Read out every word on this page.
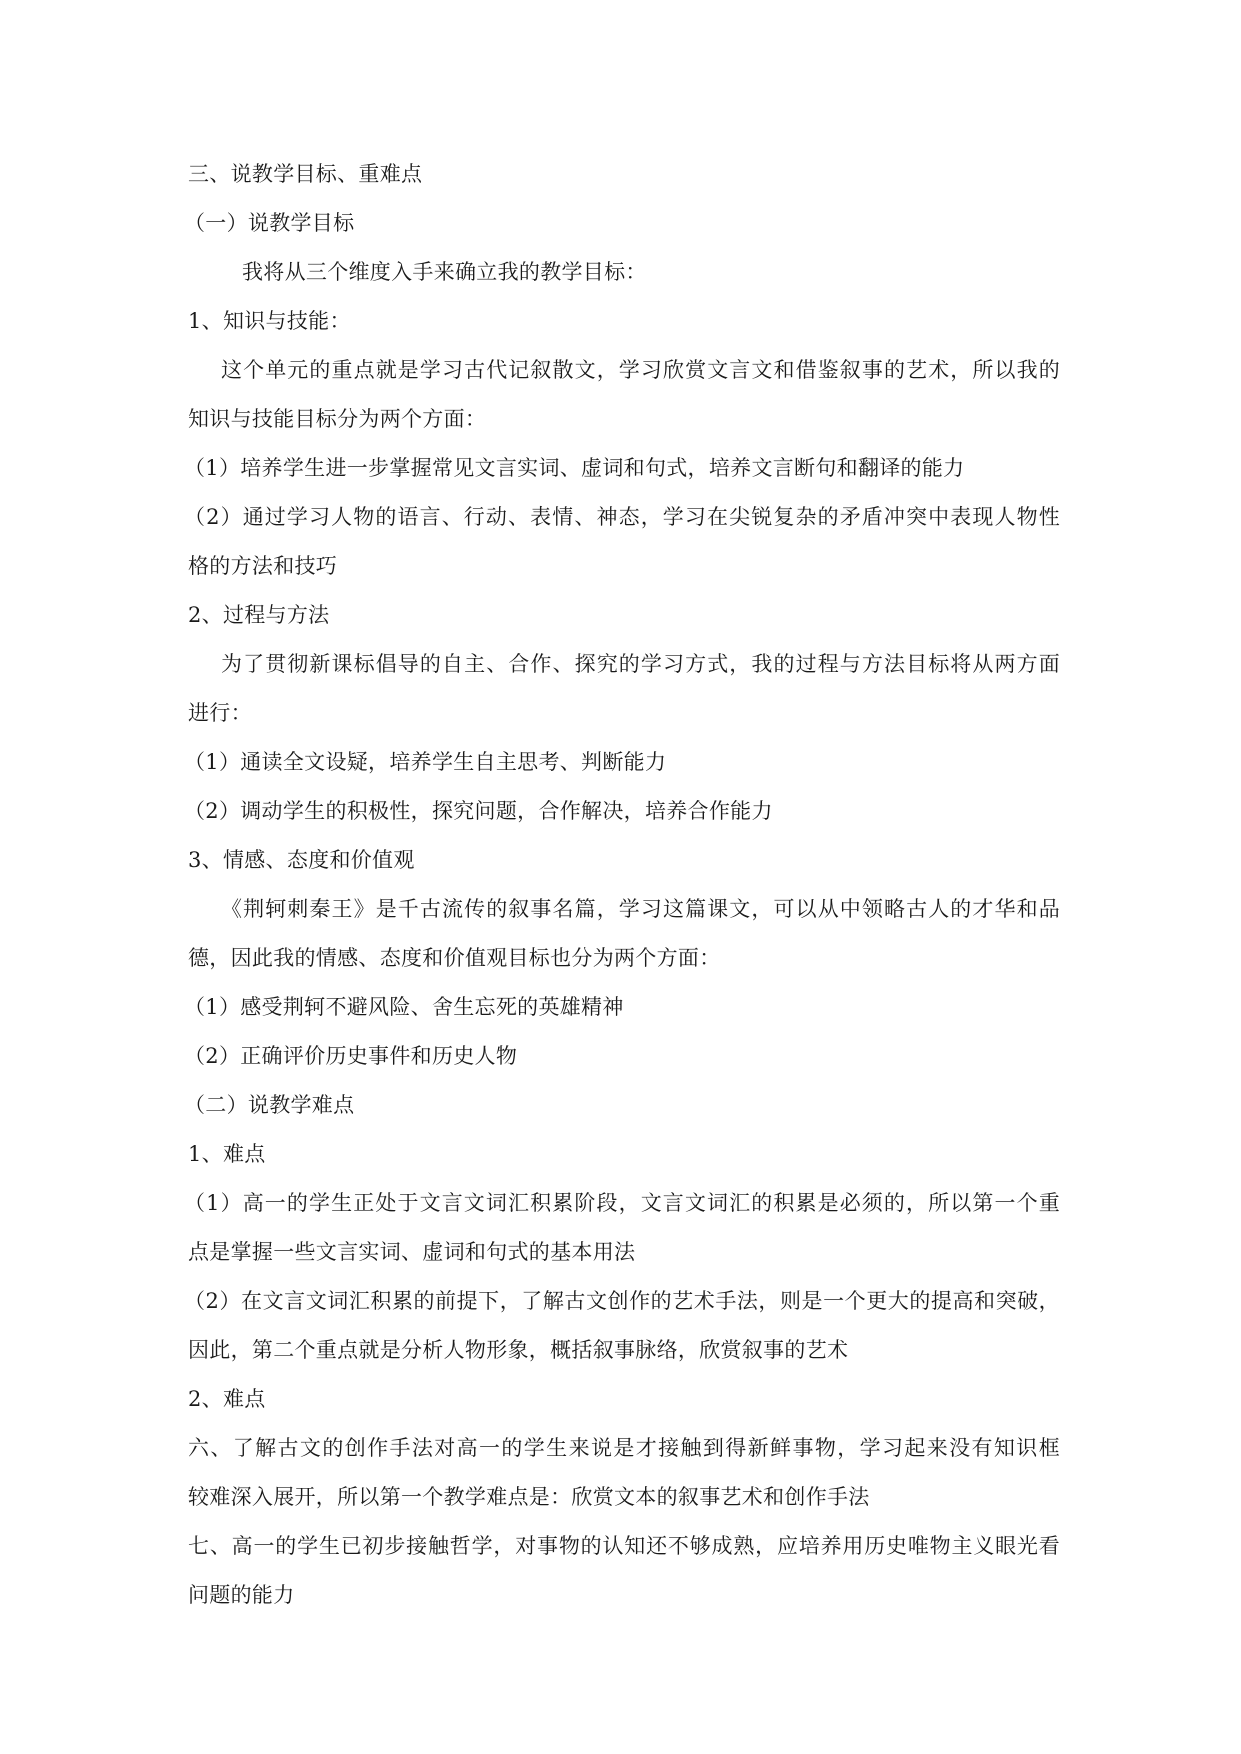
三、说教学目标、重难点
（一）说教学目标
我将从三个维度入手来确立我的教学目标：
1、知识与技能：
这个单元的重点就是学习古代记叙散文，学习欣赏文言文和借鉴叙事的艺术，所以我的
知识与技能目标分为两个方面：
（1）培养学生进一步掌握常见文言实词、虚词和句式，培养文言断句和翻译的能力
（2）通过学习人物的语言、行动、表情、神态，学习在尖锐复杂的矛盾冲突中表现人物性
格的方法和技巧
2、过程与方法
为了贯彻新课标倡导的自主、合作、探究的学习方式，我的过程与方法目标将从两方面
进行：
（1）通读全文设疑，培养学生自主思考、判断能力
（2）调动学生的积极性，探究问题，合作解决，培养合作能力
3、情感、态度和价值观
《荆轲刺秦王》是千古流传的叙事名篇，学习这篇课文，可以从中领略古人的才华和品
德，因此我的情感、态度和价值观目标也分为两个方面：
（1）感受荆轲不避风险、舍生忘死的英雄精神
（2）正确评价历史事件和历史人物
（二）说教学难点
1、难点
（1）高一的学生正处于文言文词汇积累阶段，文言文词汇的积累是必须的，所以第一个重
点是掌握一些文言实词、虚词和句式的基本用法
（2）在文言文词汇积累的前提下，了解古文创作的艺术手法，则是一个更大的提高和突破，
因此，第二个重点就是分析人物形象，概括叙事脉络，欣赏叙事的艺术
2、难点
六、了解古文的创作手法对高一的学生来说是才接触到得新鲜事物，学习起来没有知识框
较难深入展开，所以第一个教学难点是：欣赏文本的叙事艺术和创作手法
七、高一的学生已初步接触哲学，对事物的认知还不够成熟，应培养用历史唯物主义眼光看
问题的能力
